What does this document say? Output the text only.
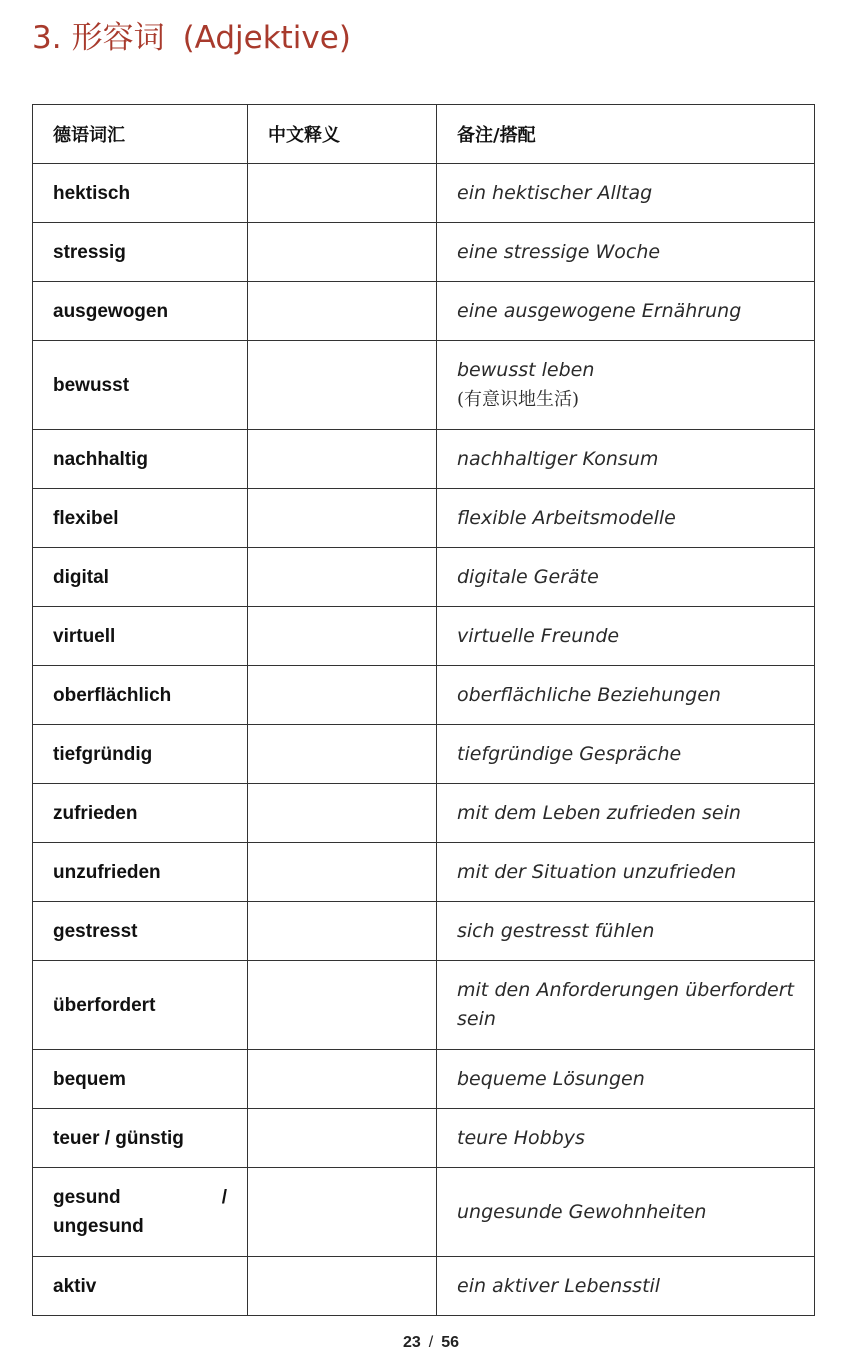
3. 形容词 (Adjektive)
德语词汇	中文释义	备注/搭配
hektisch		ein hektischer Alltag
stressig		eine stressige Woche
ausgewogen		eine ausgewogene Ernährung
bewusst		bewusst leben
(有意识地生活)

nachhaltig		nachhaltiger Konsum
flexibel		flexible Arbeitsmodelle
digital		digitale Geräte
virtuell		virtuelle Freunde
oberflächlich		oberflächliche Beziehungen
tiefgründig		tiefgründige Gespräche
zufrieden		mit dem Leben zufrieden sein
unzufrieden		mit der Situation unzufrieden
gestresst		sich gestresst fühlen
überfordert		mit den Anforderungen überfordert sein
bequem		bequeme Lösungen
teuer / günstig		teure Hobbys
gesund / ungesund		ungesunde Gewohnheiten
aktiv		ein aktiver Lebensstil
23 / 56
